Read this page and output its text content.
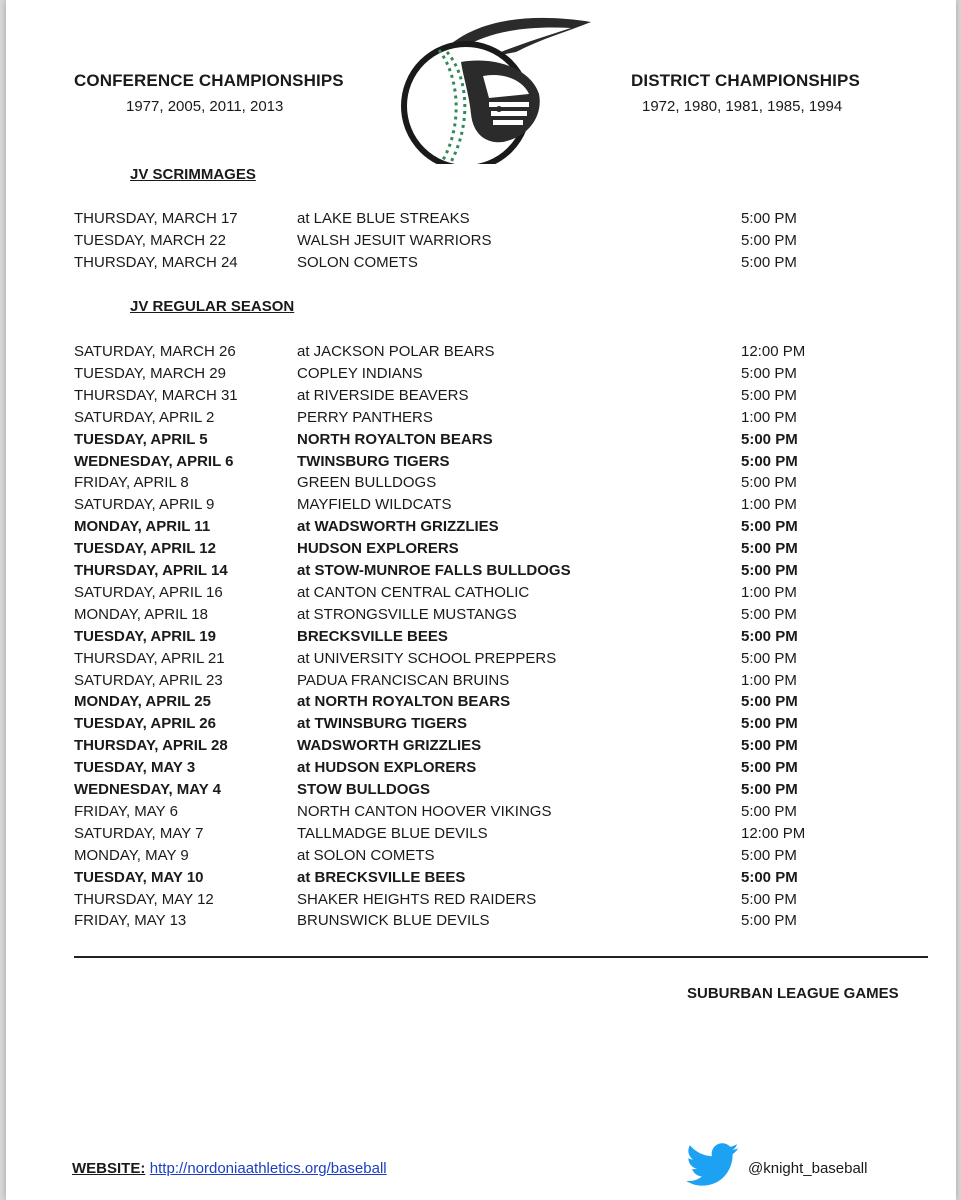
CONFERENCE CHAMPIONSHIPS
1977, 2005, 2011, 2013
DISTRICT CHAMPIONSHIPS
1972, 1980, 1981, 1985, 1994
JV SCRIMMAGES
THURSDAY, MARCH 17	at LAKE BLUE STREAKS	5:00 PM
TUESDAY, MARCH 22	WALSH JESUIT WARRIORS	5:00 PM
THURSDAY, MARCH 24	SOLON COMETS	5:00 PM
JV REGULAR SEASON
SATURDAY, MARCH 26	at JACKSON POLAR BEARS	12:00 PM
TUESDAY, MARCH 29	COPLEY INDIANS	5:00 PM
THURSDAY, MARCH 31	at RIVERSIDE BEAVERS	5:00 PM
SATURDAY, APRIL 2	PERRY PANTHERS	1:00 PM
TUESDAY, APRIL 5	NORTH ROYALTON BEARS	5:00 PM
WEDNESDAY, APRIL 6	TWINSBURG TIGERS	5:00 PM
FRIDAY, APRIL 8	GREEN BULLDOGS	5:00 PM
SATURDAY, APRIL 9	MAYFIELD WILDCATS	1:00 PM
MONDAY, APRIL 11	at WADSWORTH GRIZZLIES	5:00 PM
TUESDAY, APRIL 12	HUDSON EXPLORERS	5:00 PM
THURSDAY, APRIL 14	at STOW-MUNROE FALLS BULLDOGS	5:00 PM
SATURDAY, APRIL 16	at CANTON CENTRAL CATHOLIC	1:00 PM
MONDAY, APRIL 18	at STRONGSVILLE MUSTANGS	5:00 PM
TUESDAY, APRIL 19	BRECKSVILLE BEES	5:00 PM
THURSDAY, APRIL 21	at UNIVERSITY SCHOOL PREPPERS	5:00 PM
SATURDAY, APRIL 23	PADUA FRANCISCAN BRUINS	1:00 PM
MONDAY, APRIL 25	at NORTH ROYALTON BEARS	5:00 PM
TUESDAY, APRIL 26	at TWINSBURG TIGERS	5:00 PM
THURSDAY, APRIL 28	WADSWORTH GRIZZLIES	5:00 PM
TUESDAY, MAY 3	at HUDSON EXPLORERS	5:00 PM
WEDNESDAY, MAY 4	STOW BULLDOGS	5:00 PM
FRIDAY, MAY 6	NORTH CANTON HOOVER VIKINGS	5:00 PM
SATURDAY, MAY 7	TALLMADGE BLUE DEVILS	12:00 PM
MONDAY, MAY 9	at SOLON COMETS	5:00 PM
TUESDAY, MAY 10	at BRECKSVILLE BEES	5:00 PM
THURSDAY, MAY 12	SHAKER HEIGHTS RED RAIDERS	5:00 PM
FRIDAY, MAY 13	BRUNSWICK BLUE DEVILS	5:00 PM
SUBURBAN LEAGUE GAMES
WEBSITE: http://nordoniaathletics.org/baseball	@knight_baseball
